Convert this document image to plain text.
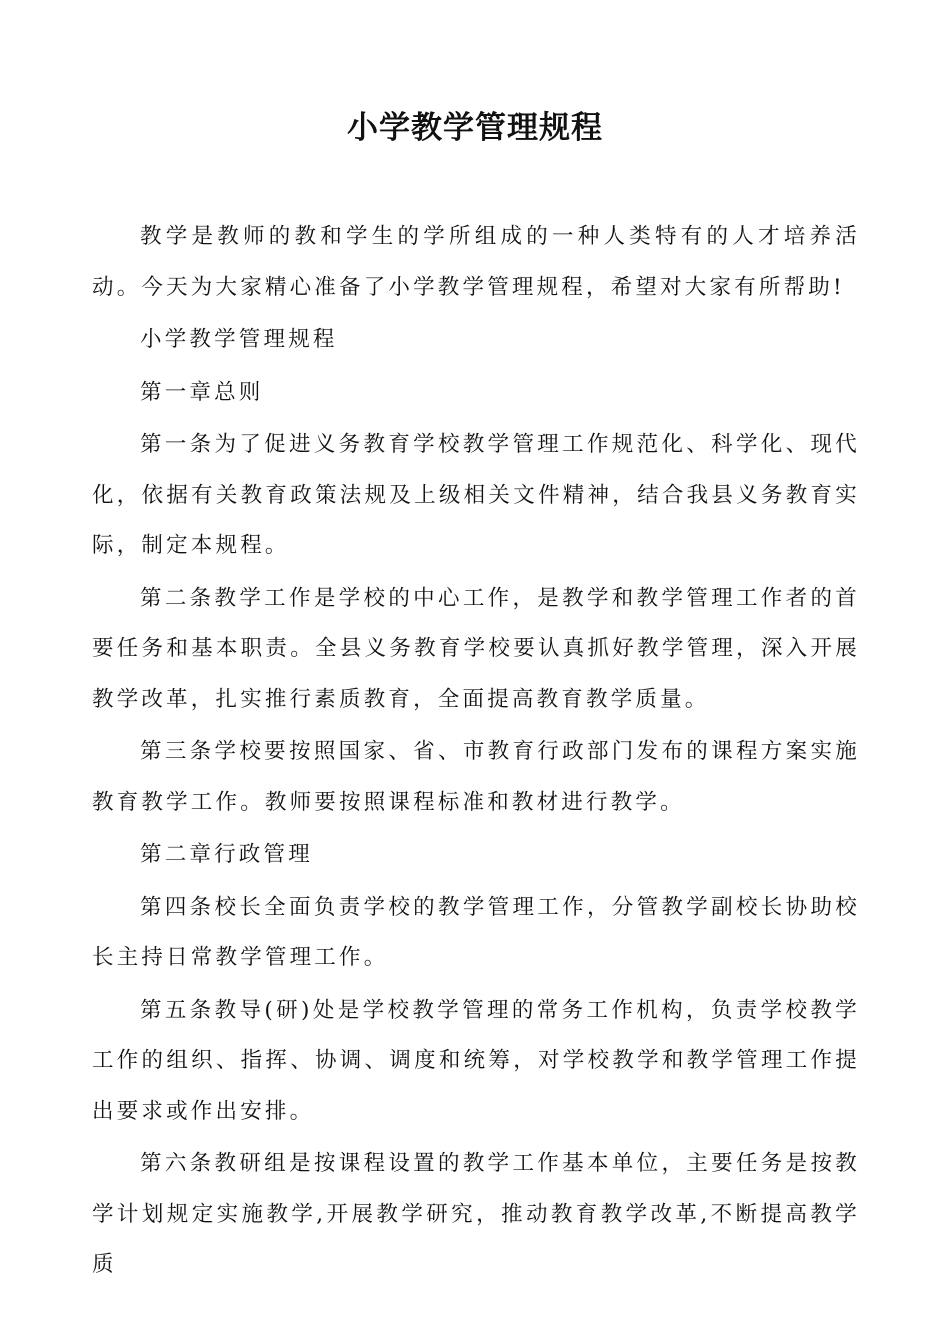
小学教学管理规程

教学是教师的教和学生的学所组成的一种人类特有的人才培养活动。今天为大家精心准备了小学教学管理规程，希望对大家有所帮助!

小学教学管理规程

第一章总则

第一条为了促进义务教育学校教学管理工作规范化、科学化、现代化，依据有关教育政策法规及上级相关文件精神，结合我县义务教育实际，制定本规程。

第二条教学工作是学校的中心工作，是教学和教学管理工作者的首要任务和基本职责。全县义务教育学校要认真抓好教学管理，深入开展教学改革，扎实推行素质教育，全面提高教育教学质量。

第三条学校要按照国家、省、市教育行政部门发布的课程方案实施教育教学工作。教师要按照课程标准和教材进行教学。

第二章行政管理

第四条校长全面负责学校的教学管理工作，分管教学副校长协助校长主持日常教学管理工作。

第五条教导(研)处是学校教学管理的常务工作机构，负责学校教学工作的组织、指挥、协调、调度和统筹，对学校教学和教学管理工作提出要求或作出安排。

第六条教研组是按课程设置的教学工作基本单位，主要任务是按教学计划规定实施教学,开展教学研究，推动教育教学改革,不断提高教学质
